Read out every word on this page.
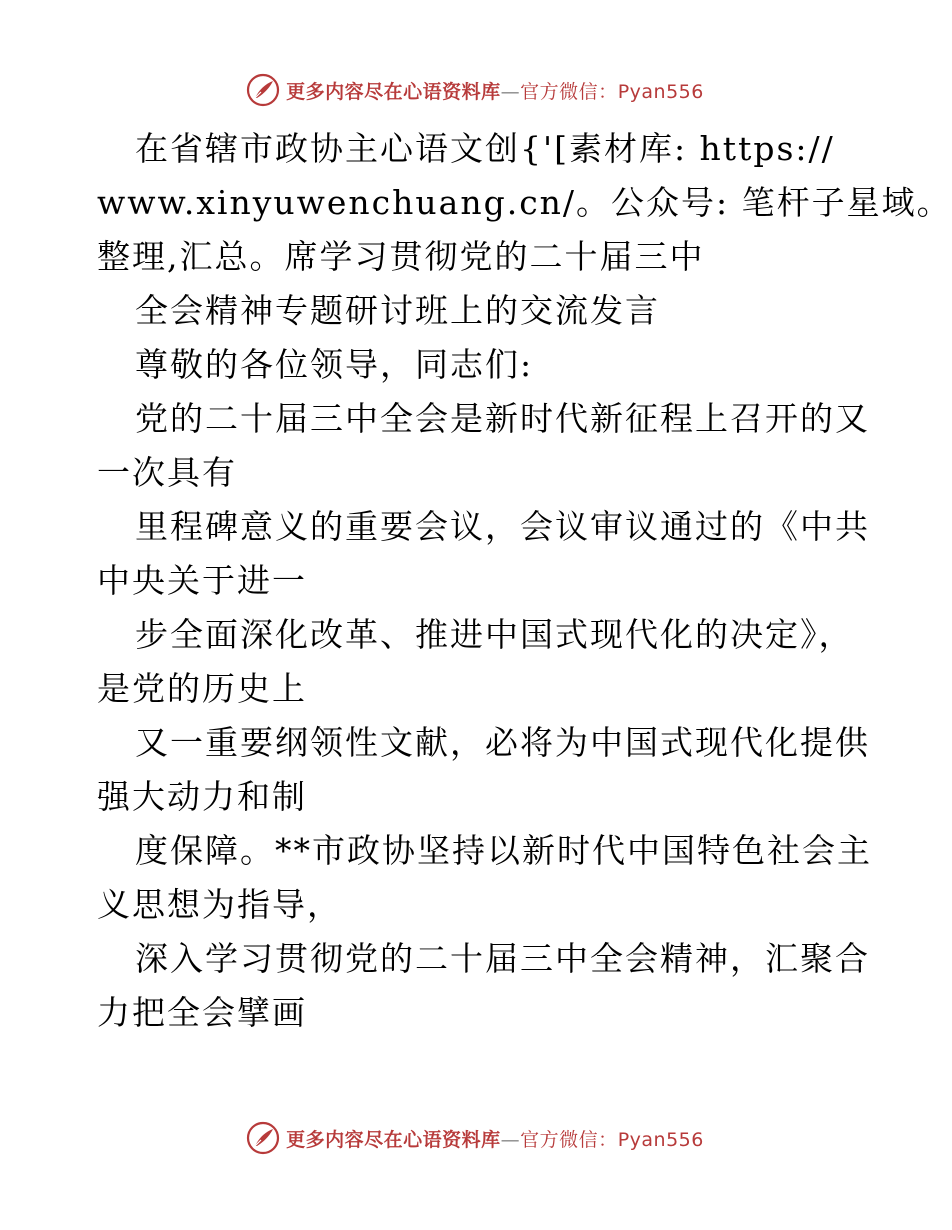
更多内容尽在心语资料库—官方微信：Pyan556
在省辖市政协主心语文创{'[素材库: https://
www.xinyuwenchuang.cn/。公众号: 笔杆子星域。
整理,汇总。席学习贯彻党的二十届三中
全会精神专题研讨班上的交流发言
尊敬的各位领导，同志们:
党的二十届三中全会是新时代新征程上召开的又
一次具有
里程碑意义的重要会议，会议审议通过的《中共
中央关于进一
步全面深化改革、推进中国式现代化的决定》，
是党的历史上
又一重要纲领性文献，必将为中国式现代化提供
强大动力和制
度保障。**市政协坚持以新时代中国特色社会主
义思想为指导，
深入学习贯彻党的二十届三中全会精神，汇聚合
力把全会擘画
更多内容尽在心语资料库—官方微信：Pyan556
